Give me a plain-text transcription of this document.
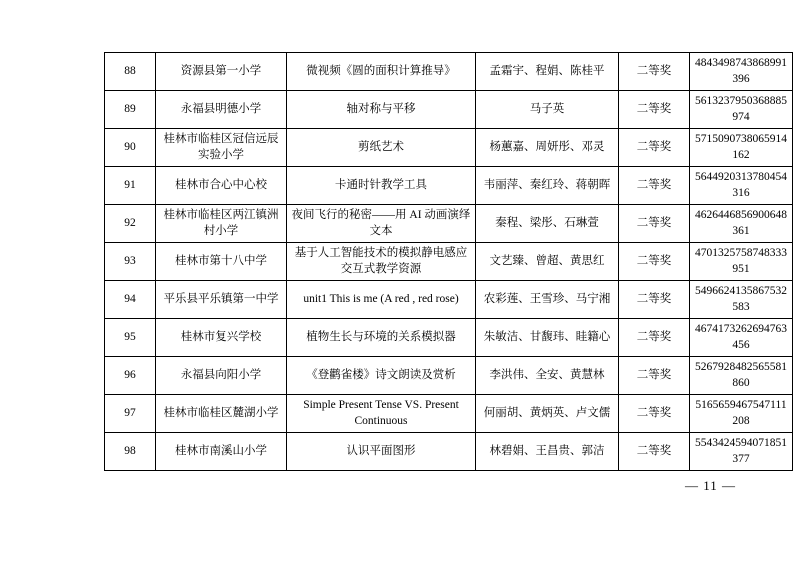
88	资源县第一小学	微视频《圆的面积计算推导》	孟霜宇、程娟、陈桂平	二等奖	4843498743868991396
89	永福县明德小学	轴对称与平移	马子英	二等奖	5613237950368885974
90	桂林市临桂区冠信远辰实验小学	剪纸艺术	杨蕙嘉、周妍彤、邓灵	二等奖	5715090738065914162
91	桂林市合心中心校	卡通时针教学工具	韦丽萍、秦红玲、蒋朝晖	二等奖	5644920313780454316
92	桂林市临桂区两江镇洲村小学	夜间飞行的秘密——用 AI 动画演绎文本	秦程、梁彤、石琳萱	二等奖	4626446856900648361
93	桂林市第十八中学	基于人工智能技术的模拟静电感应交互式教学资源	文艺臻、曾超、黄思红	二等奖	4701325758748333951
94	平乐县平乐镇第一中学	unit1 This is me (A red , red rose)	农彩莲、王雪珍、马宁湘	二等奖	5496624135867532583
95	桂林市复兴学校	植物生长与环境的关系模拟器	朱敏洁、甘馥玮、眭籍心	二等奖	4674173262694763456
96	永福县向阳小学	《登鹳雀楼》诗文朗读及赏析	李洪伟、全安、黄慧林	二等奖	5267928482565581860
97	桂林市临桂区麓湖小学	Simple Present Tense VS. Present Continuous	何丽胡、黄炳英、卢文儒	二等奖	5165659467547111208
98	桂林市南溪山小学	认识平面图形	林碧娟、王昌贵、郭洁	二等奖	5543424594071851377
— 11 —
